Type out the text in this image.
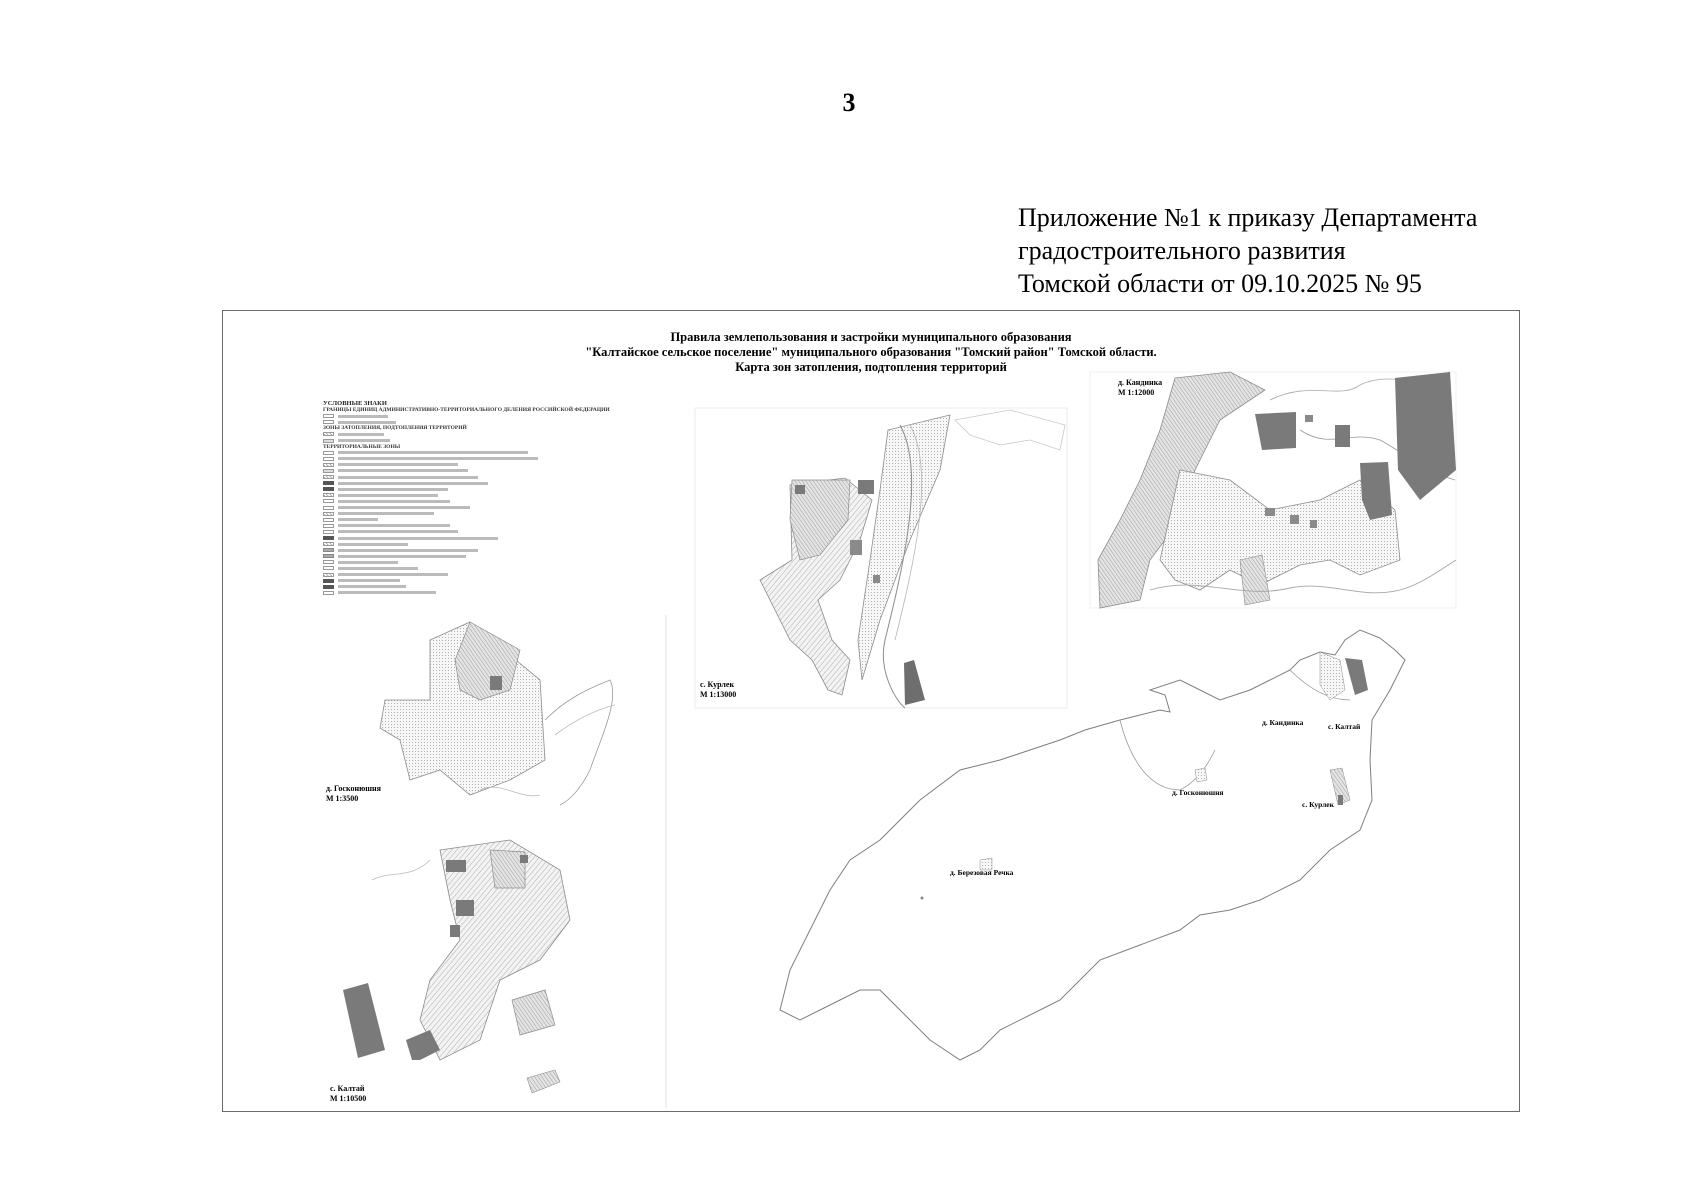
3
Приложение №1 к приказу Департамента
градостроительного развития
Томской области от 09.10.2025 № 95
Правила землепользования и застройки муниципального образования
"Калтайское сельское поселение" муниципального образования "Томский район" Томской области.
Карта зон затопления, подтопления территорий
УСЛОВНЫЕ ЗНАКИ
ГРАНИЦЫ ЕДИНИЦ АДМИНИСТРАТИВНО-ТЕРРИТОРИАЛЬНОГО ДЕЛЕНИЯ РОССИЙСКОЙ ФЕДЕРАЦИИ
ЗОНЫ ЗАТОПЛЕНИЯ, ПОДТОПЛЕНИЯ ТЕРРИТОРИЙ
ТЕРРИТОРИАЛЬНЫЕ ЗОНЫ
д. Кандинка
М 1:12000
с. Курлек
М 1:13000
д. Госконюшня
М 1:3500
с. Калтай
М 1:10500
д. Кандинка	с. Калтай
д. Госконюшня
с. Курлек
д. Березовая Речка
